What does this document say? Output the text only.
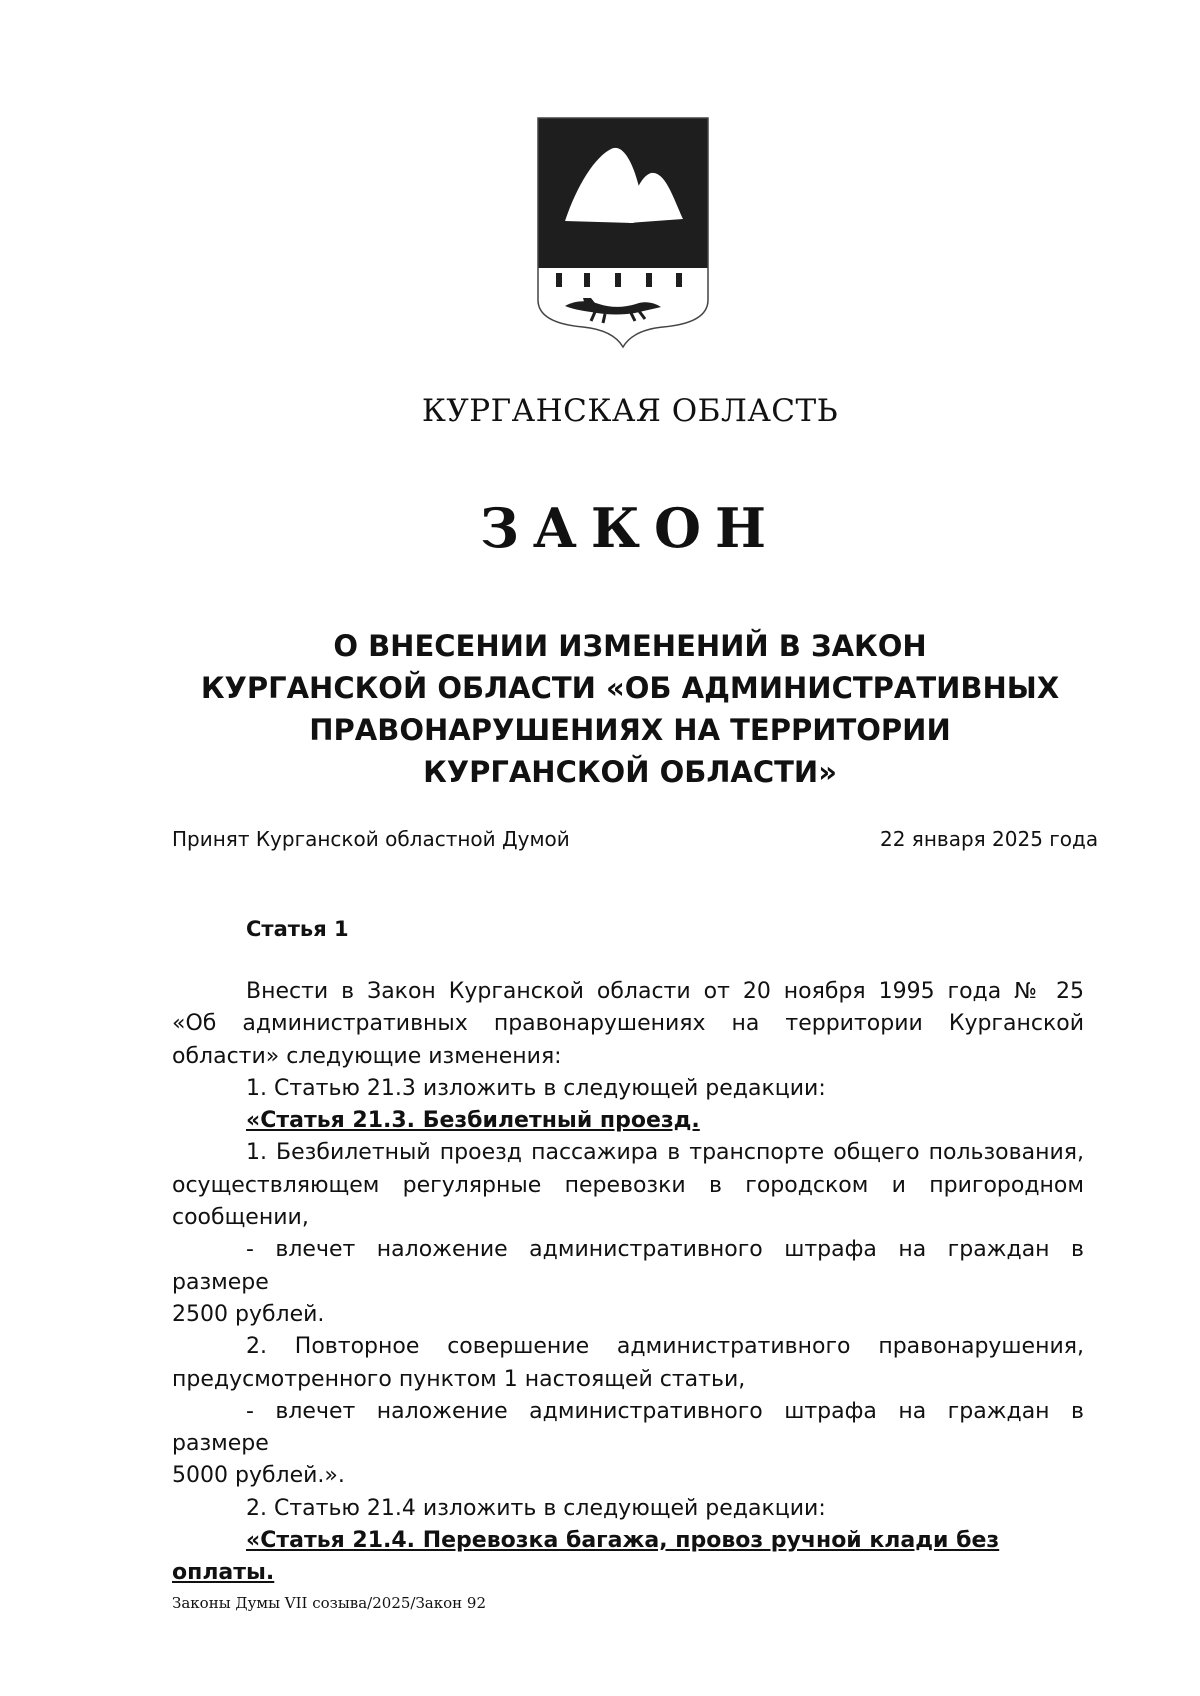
КУРГАНСКАЯ ОБЛАСТЬ
ЗАКОН
О ВНЕСЕНИИ ИЗМЕНЕНИЙ В ЗАКОН
КУРГАНСКОЙ ОБЛАСТИ «ОБ АДМИНИСТРАТИВНЫХ
ПРАВОНАРУШЕНИЯХ НА ТЕРРИТОРИИ
КУРГАНСКОЙ ОБЛАСТИ»
Принят Курганской областной Думой	22 января 2025 года
Статья 1
Внести в Закон Курганской области от 20 ноября 1995 года № 25
«Об административных правонарушениях на территории Курганской
области» следующие изменения:
1. Статью 21.3 изложить в следующей редакции:
«Статья 21.3. Безбилетный проезд.
1. Безбилетный проезд пассажира в транспорте общего пользования,
осуществляющем регулярные перевозки в городском и пригородном
сообщении,
- влечет наложение административного штрафа на граждан в размере
2500 рублей.
2. Повторное совершение административного правонарушения,
предусмотренного пунктом 1 настоящей статьи,
- влечет наложение административного штрафа на граждан в размере
5000 рублей.».
2. Статью 21.4 изложить в следующей редакции:
«Статья 21.4. Перевозка багажа, провоз ручной клади без оплаты.
Законы Думы VII созыва/2025/Закон 92
